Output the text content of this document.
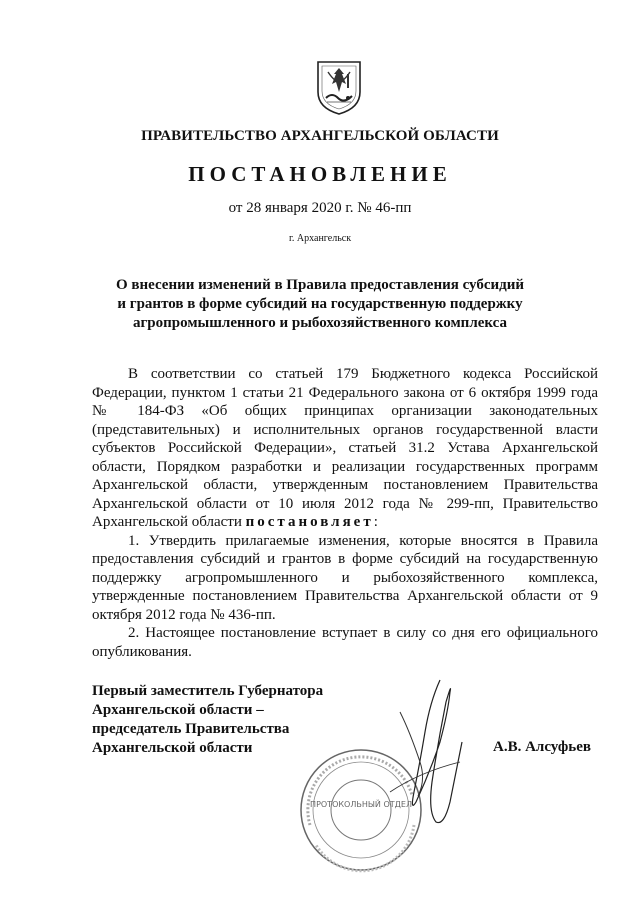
ПРАВИТЕЛЬСТВО АРХАНГЕЛЬСКОЙ ОБЛАСТИ
ПОСТАНОВЛЕНИЕ
от 28 января 2020 г. № 46-пп
г. Архангельск
О внесении изменений в Правила предоставления субсидий
и грантов в форме субсидий на государственную поддержку
агропромышленного и рыбохозяйственного комплекса

В соответствии со статьей 179 Бюджетного кодекса Российской Федерации, пунктом 1 статьи 21 Федерального закона от 6 октября 1999 года № 184-ФЗ «Об общих принципах организации законодательных (представительных) и исполнительных органов государственной власти субъектов Российской Федерации», статьей 31.2 Устава Архангельской области, Порядком разработки и реализации государственных программ Архангельской области, утвержденным постановлением Правительства Архангельской области от 10 июля 2012 года № 299-пп, Правительство Архангельской области постановляет:

1. Утвердить прилагаемые изменения, которые вносятся в Правила предоставления субсидий и грантов в форме субсидий на государственную поддержку агропромышленного и рыбохозяйственного комплекса, утвержденные постановлением Правительства Архангельской области от 9 октября 2012 года № 436-пп.

2. Настоящее постановление вступает в силу со дня его официального опубликования.

Первый заместитель Губернатора
Архангельской области –
председатель Правительства
Архангельской области	А.В. Алсуфьев
ПРОТОКОЛЬНЫЙ ОТДЕЛ
